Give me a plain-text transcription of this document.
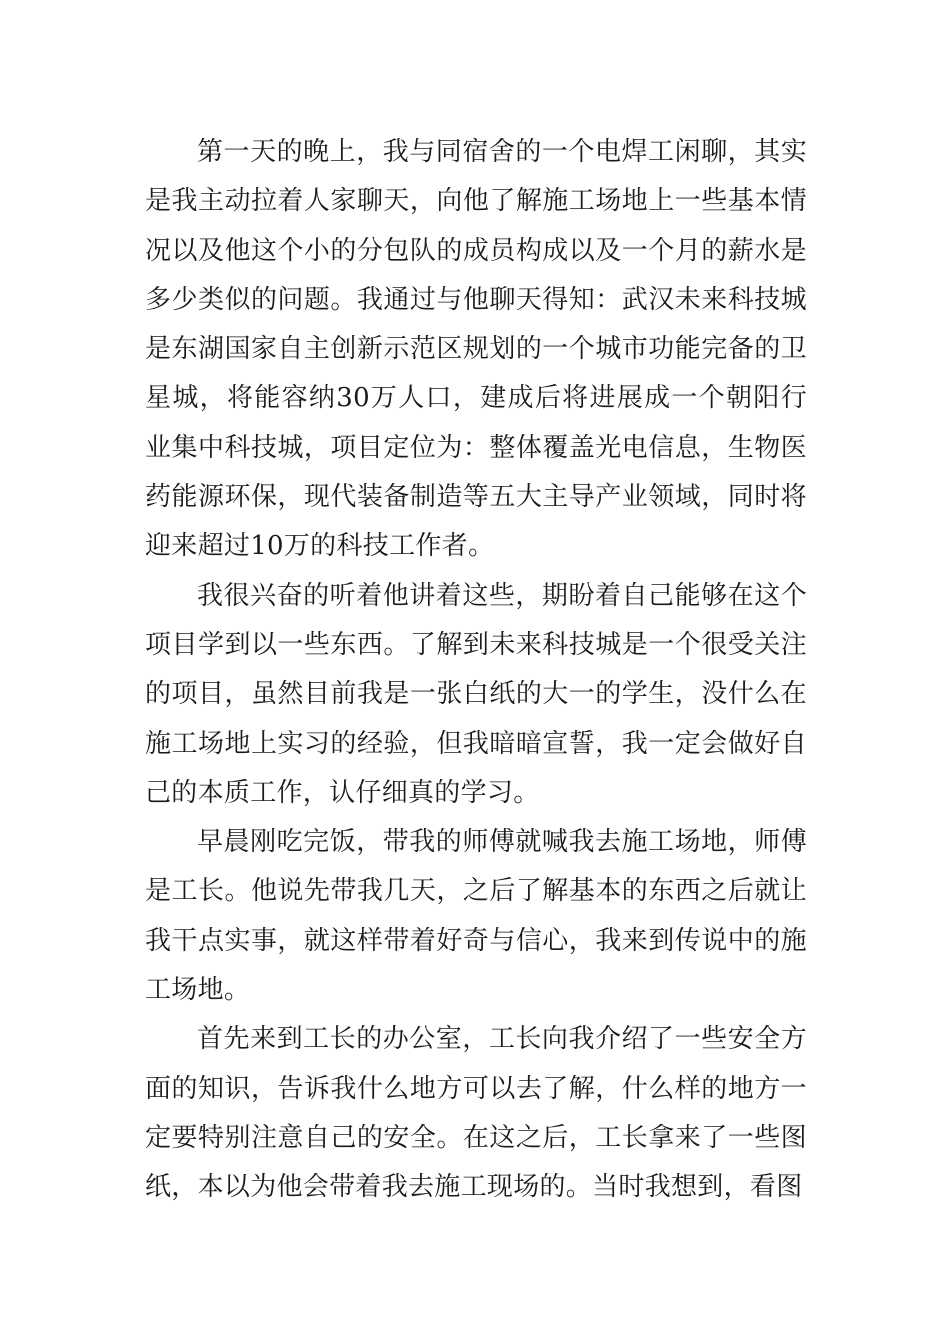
第一天的晚上，我与同宿舍的一个电焊工闲聊，其实是我主动拉着人家聊天，向他了解施工场地上一些基本情况以及他这个小的分包队的成员构成以及一个月的薪水是多少类似的问题。我通过与他聊天得知：武汉未来科技城是东湖国家自主创新示范区规划的一个城市功能完备的卫星城，将能容纳30万人口，建成后将进展成一个朝阳行业集中科技城，项目定位为：整体覆盖光电信息，生物医药能源环保，现代装备制造等五大主导产业领域，同时将迎来超过10万的科技工作者。

我很兴奋的听着他讲着这些，期盼着自己能够在这个项目学到以一些东西。了解到未来科技城是一个很受关注的项目，虽然目前我是一张白纸的大一的学生，没什么在施工场地上实习的经验，但我暗暗宣誓，我一定会做好自己的本质工作，认仔细真的学习。

早晨刚吃完饭，带我的师傅就喊我去施工场地，师傅是工长。他说先带我几天，之后了解基本的东西之后就让我干点实事，就这样带着好奇与信心，我来到传说中的施工场地。

首先来到工长的办公室，工长向我介绍了一些安全方面的知识，告诉我什么地方可以去了解，什么样的地方一定要特别注意自己的安全。在这之后，工长拿来了一些图纸，本以为他会带着我去施工现场的。当时我想到，看图
